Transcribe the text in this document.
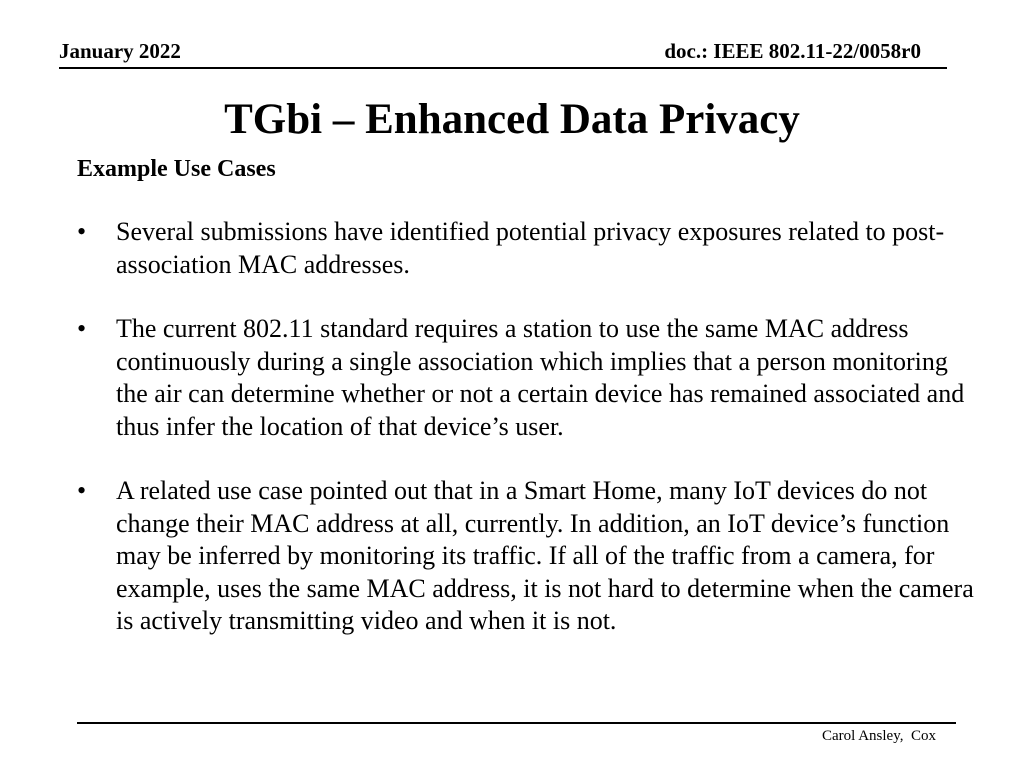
January 2022	doc.: IEEE 802.11-22/0058r0
TGbi – Enhanced Data Privacy
Example Use Cases
•	Several submissions have identified potential privacy exposures related to post-association MAC addresses.
•	The current 802.11 standard requires a station to use the same MAC address continuously during a single association which implies that a person monitoring the air can determine whether or not a certain device has remained associated and thus infer the location of that device’s user.
•	A related use case pointed out that in a Smart Home, many IoT devices do not change their MAC address at all, currently. In addition, an IoT device’s function may be inferred by monitoring its traffic. If all of the traffic from a camera, for example, uses the same MAC address, it is not hard to determine when the camera is actively transmitting video and when it is not.
Carol Ansley,  Cox
